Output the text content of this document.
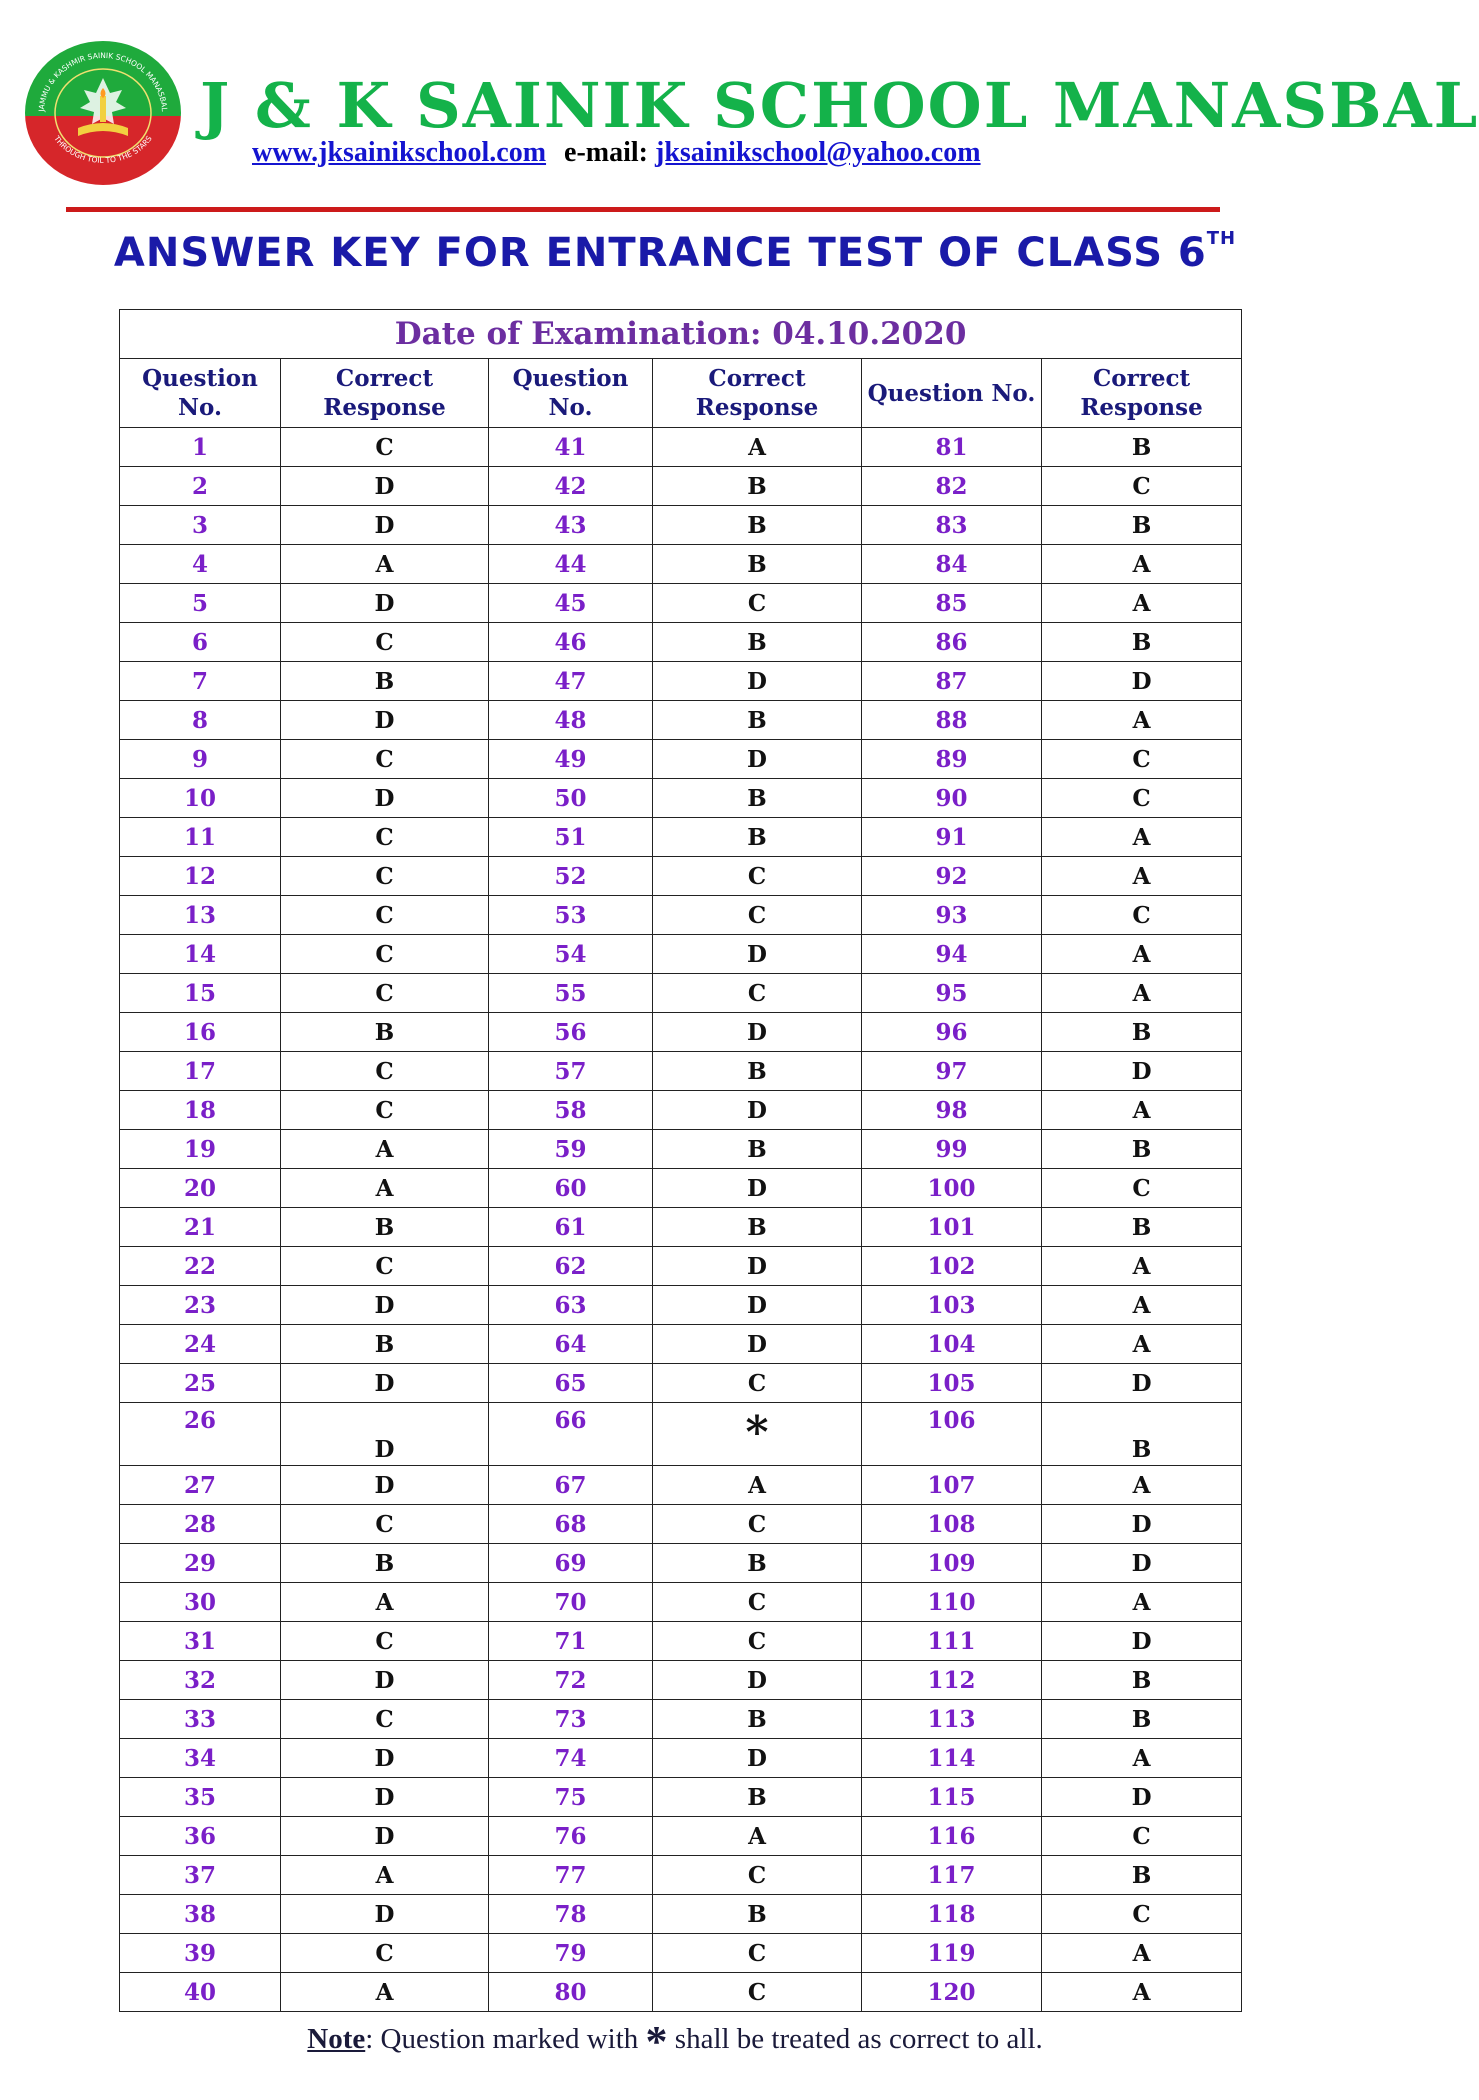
JAMMU & KASHMIR SAINIK SCHOOL MANASBAL
THROUGH TOIL TO THE STARS J & K SAINIK SCHOOL MANASBAL
www.jksainikschool.com e-mail: jksainikschool@yahoo.com
ANSWER KEY FOR ENTRANCE TEST OF CLASS 6TH
Date of Examination: 04.10.2020					
Question No.	Correct Response	Question No.	Correct Response	Question No.	Correct Response
1	C	41	A	81	B
2	D	42	B	82	C
3	D	43	B	83	B
4	A	44	B	84	A
5	D	45	C	85	A
6	C	46	B	86	B
7	B	47	D	87	D
8	D	48	B	88	A
9	C	49	D	89	C
10	D	50	B	90	C
11	C	51	B	91	A
12	C	52	C	92	A
13	C	53	C	93	C
14	C	54	D	94	A
15	C	55	C	95	A
16	B	56	D	96	B
17	C	57	B	97	D
18	C	58	D	98	A
19	A	59	B	99	B
20	A	60	D	100	C
21	B	61	B	101	B
22	C	62	D	102	A
23	D	63	D	103	A
24	B	64	D	104	A
25	D	65	C	105	D
26	D	66	*	106	B
27	D	67	A	107	A
28	C	68	C	108	D
29	B	69	B	109	D
30	A	70	C	110	A
31	C	71	C	111	D
32	D	72	D	112	B
33	C	73	B	113	B
34	D	74	D	114	A
35	D	75	B	115	D
36	D	76	A	116	C
37	A	77	C	117	B
38	D	78	B	118	C
39	C	79	C	119	A
40	A	80	C	120	A
Note: Question marked with * shall be treated as correct to all.
